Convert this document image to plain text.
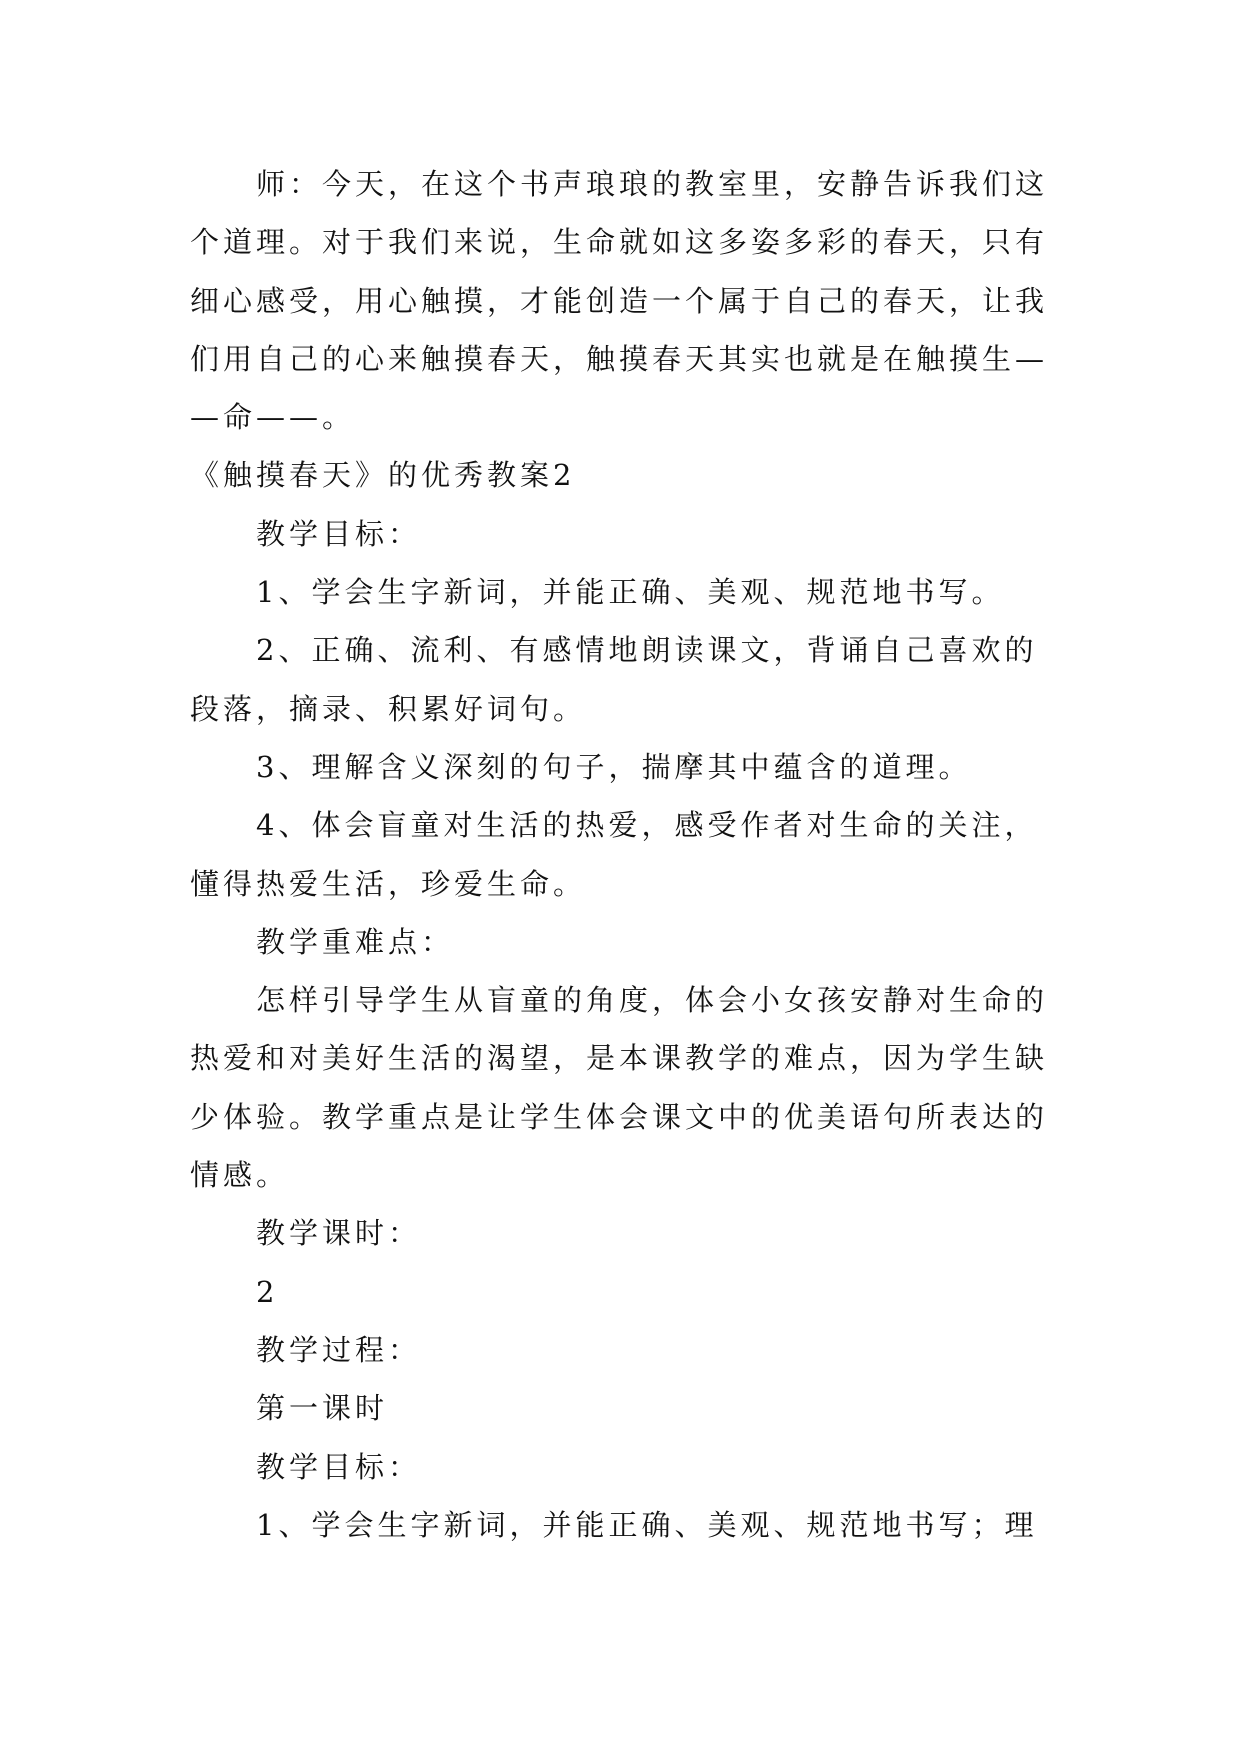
师：今天，在这个书声琅琅的教室里，安静告诉我们这
个道理。对于我们来说，生命就如这多姿多彩的春天，只有
细心感受，用心触摸，才能创造一个属于自己的春天，让我
们用自己的心来触摸春天，触摸春天其实也就是在触摸生—
—命——。
《触摸春天》的优秀教案2
教学目标：
1、学会生字新词，并能正确、美观、规范地书写。
2、正确、流利、有感情地朗读课文，背诵自己喜欢的
段落，摘录、积累好词句。
3、理解含义深刻的句子，揣摩其中蕴含的道理。
4、体会盲童对生活的热爱，感受作者对生命的关注，
懂得热爱生活，珍爱生命。
教学重难点：
怎样引导学生从盲童的角度，体会小女孩安静对生命的
热爱和对美好生活的渴望，是本课教学的难点，因为学生缺
少体验。教学重点是让学生体会课文中的优美语句所表达的
情感。
教学课时：
2
教学过程：
第一课时
教学目标：
1、学会生字新词，并能正确、美观、规范地书写；理
